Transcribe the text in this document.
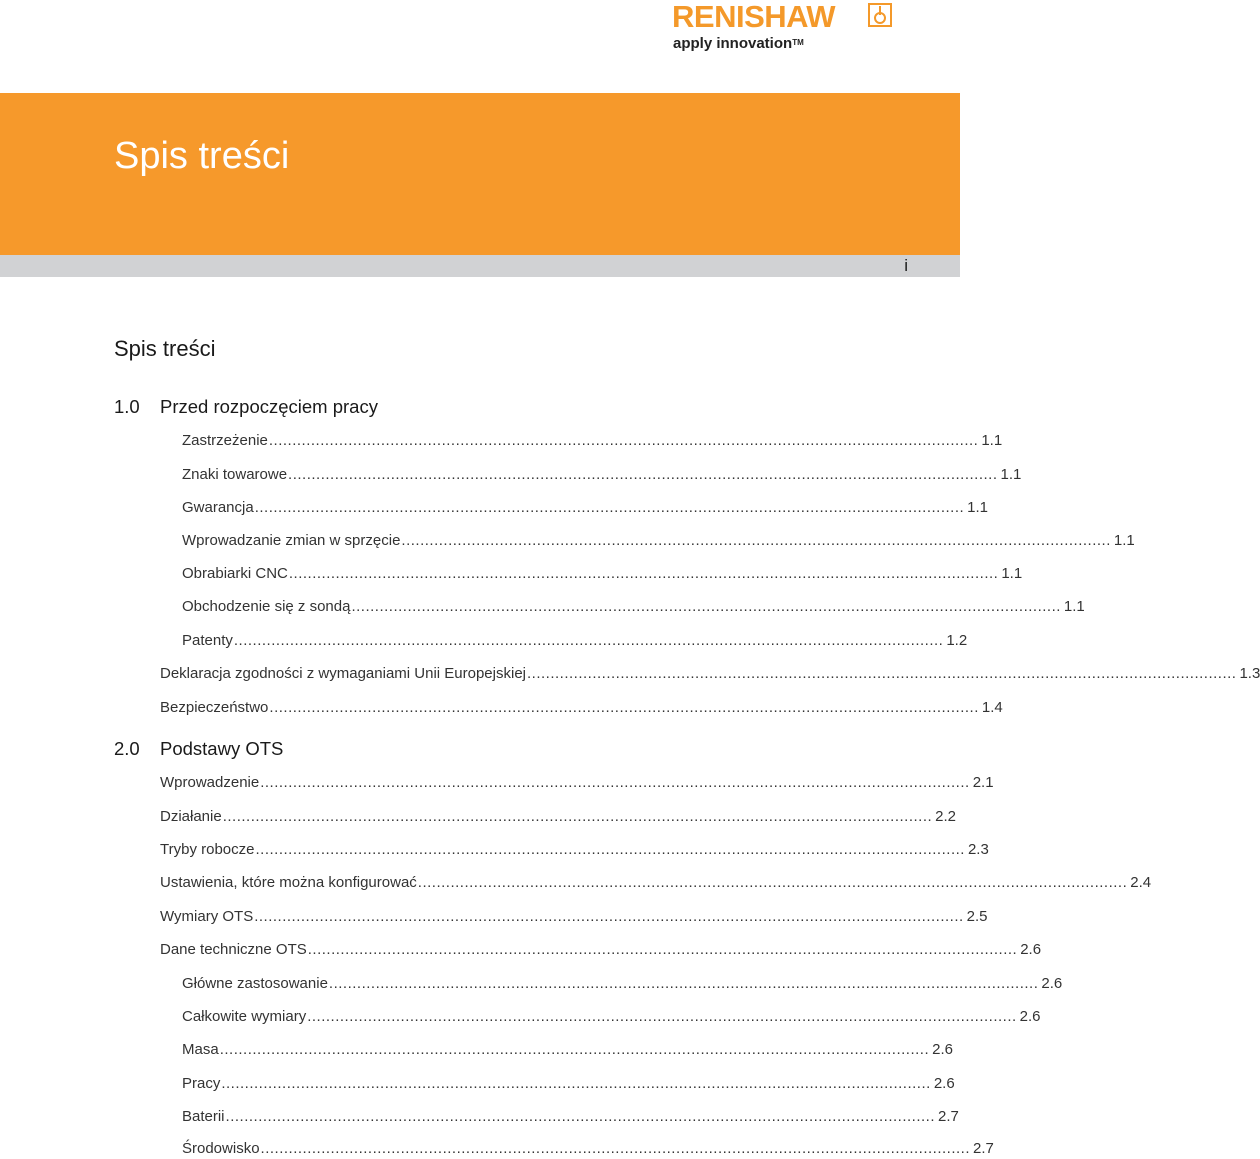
RENISHAW
apply innovation™
Spis treści
i
Spis treści
1.0 Przed rozpoczęciem pracy
Zastrzeżenie ........................................................................................................................................................ 1.1
Znaki towarowe ........................................................................................................................................................ 1.1
Gwarancja ........................................................................................................................................................ 1.1
Wprowadzanie zmian w sprzęcie ........................................................................................................................................................ 1.1
Obrabiarki CNC ........................................................................................................................................................ 1.1
Obchodzenie się z sondą ........................................................................................................................................................ 1.1
Patenty ........................................................................................................................................................ 1.2
Deklaracja zgodności z wymaganiami Unii Europejskiej ........................................................................................................................................................ 1.3
Bezpieczeństwo ........................................................................................................................................................ 1.4
2.0 Podstawy OTS
Wprowadzenie ........................................................................................................................................................ 2.1
Działanie ........................................................................................................................................................ 2.2
Tryby robocze ........................................................................................................................................................ 2.3
Ustawienia, które można konfigurować ........................................................................................................................................................ 2.4
Wymiary OTS ........................................................................................................................................................ 2.5
Dane techniczne OTS ........................................................................................................................................................ 2.6
Główne zastosowanie ........................................................................................................................................................ 2.6
Całkowite wymiary ........................................................................................................................................................ 2.6
Masa ........................................................................................................................................................ 2.6
Pracy ........................................................................................................................................................ 2.6
Baterii ........................................................................................................................................................ 2.7
Środowisko ........................................................................................................................................................ 2.7
